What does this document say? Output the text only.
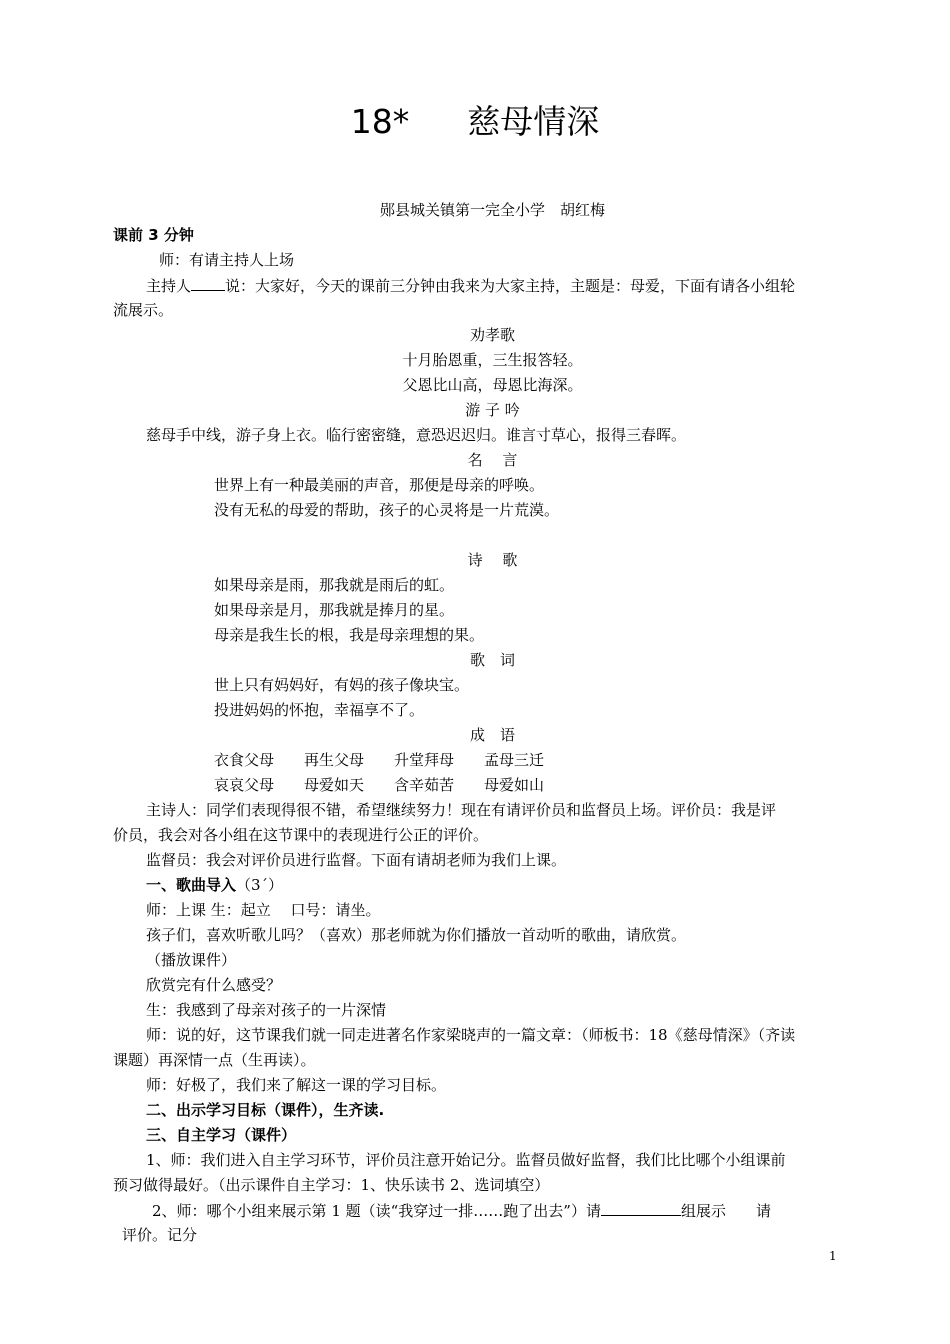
18* 慈母情深
郧县城关镇第一完全小学　胡红梅
课前 3 分钟
师：有请主持人上场
主持人 说：大家好，今天的课前三分钟由我来为大家主持，主题是：母爱，下面有请各小组轮
流展示。
劝孝歌
十月胎恩重，三生报答轻。
父恩比山高，母恩比海深。
游 子 吟
慈母手中线，游子身上衣。临行密密缝，意恐迟迟归。谁言寸草心，报得三春晖。
名　 言
世界上有一种最美丽的声音，那便是母亲的呼唤。
没有无私的母爱的帮助，孩子的心灵将是一片荒漠。
诗　 歌
如果母亲是雨，那我就是雨后的虹。
如果母亲是月，那我就是捧月的星。
母亲是我生长的根，我是母亲理想的果。
歌　词
世上只有妈妈好，有妈的孩子像块宝。
投进妈妈的怀抱，幸福享不了。
成　语
衣食父母　　再生父母　　升堂拜母　　孟母三迁
哀哀父母　　母爱如天　　含辛茹苦　　母爱如山
主诗人：同学们表现得很不错，希望继续努力！现在有请评价员和监督员上场。评价员：我是评
价员，我会对各小组在这节课中的表现进行公正的评价。
监督员：我会对评价员进行监督。下面有请胡老师为我们上课。
一、歌曲导入（3´）
师：上课 生：起立　 口号：请坐。
孩子们，喜欢听歌儿吗？（喜欢）那老师就为你们播放一首动听的歌曲，请欣赏。
（播放课件）
欣赏完有什么感受？
生：我感到了母亲对孩子的一片深情
师：说的好，这节课我们就一同走进著名作家梁晓声的一篇文章：（师板书：18《慈母情深》（齐读
课题）再深情一点（生再读）。
师：好极了，我们来了解这一课的学习目标。
二、出示学习目标（课件），生齐读.
三、自主学习（课件）
1、师：我们进入自主学习环节，评价员注意开始记分。监督员做好监督，我们比比哪个小组课前
预习做得最好。（出示课件自主学习：1、快乐读书 2、选词填空）
2、师：哪个小组来展示第 1 题（读“我穿过一排……跑了出去”）请	组展示　　请
评价。记分
1
